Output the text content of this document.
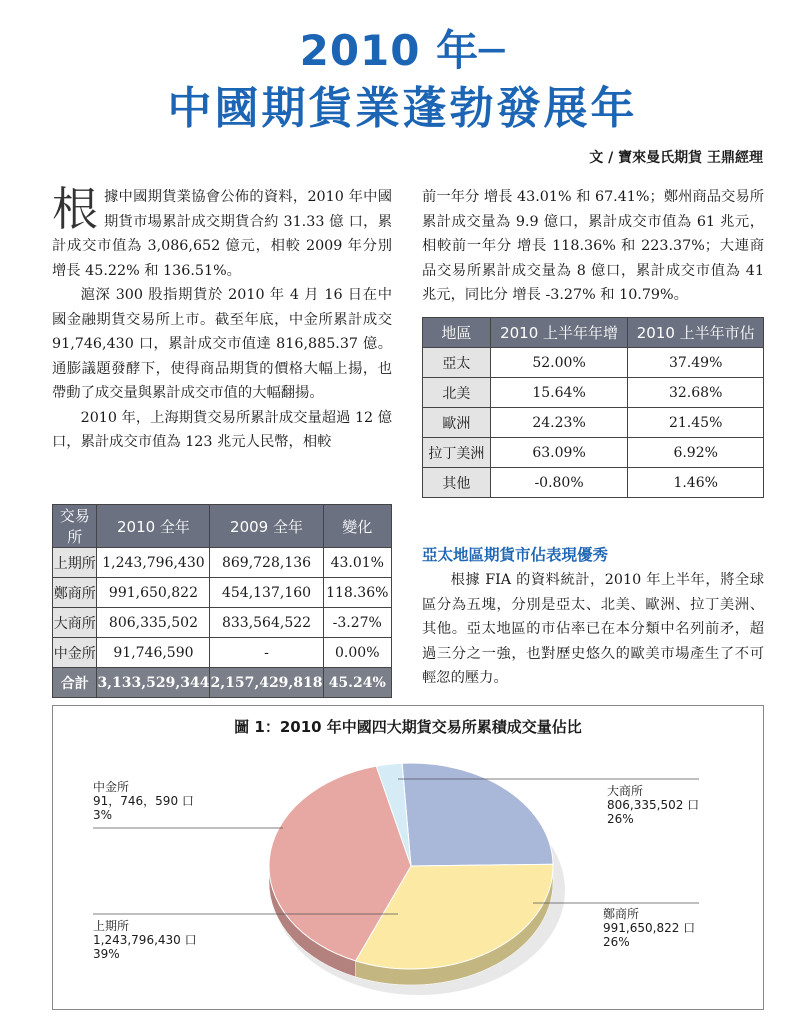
2010 年─
中國期貨業蓬勃發展年
文 / 寶來曼氏期貨 王鼎經理

根據中國期貨業協會公佈的資料，2010 年中國期貨市場累計成交期貨合約 31.33 億 口，累計成交市值為 3,086,652 億元，相較 2009 年分別增長 45.22% 和 136.51%。

滬深 300 股指期貨於 2010 年 4 月 16 日在中國金融期貨交易所上市。截至年底，中金所累計成交 91,746,430 口，累計成交市值達 816,885.37 億。通膨議題發酵下，使得商品期貨的價格大幅上揚，也帶動了成交量與累計成交市值的大幅翻揚。

2010 年，上海期貨交易所累計成交量超過 12 億口，累計成交市值為 123 兆元人民幣，相較

前一年分 增長 43.01% 和 67.41%；鄭州商品交易所累計成交量為 9.9 億口，累計成交市值為 61 兆元，相較前一年分 增長 118.36% 和 223.37%；大連商品交易所累計成交量為 8 億口，累計成交市值為 41 兆元，同比分 增長 -3.27% 和 10.79%。

交易所	2010 全年	2009 全年	變化
上期所	1,243,796,430	869,728,136	43.01%
鄭商所	991,650,822	454,137,160	118.36%
大商所	806,335,502	833,564,522	-3.27%
中金所	91,746,590	-	0.00%
合計	3,133,529,344	2,157,429,818	45.24%
地區	2010 上半年年增	2010 上半年市佔
亞太	52.00%	37.49%
北美	15.64%	32.68%
歐洲	24.23%	21.45%
拉丁美洲	63.09%	6.92%
其他	-0.80%	1.46%
亞太地區期貨市佔表現優秀
根據 FIA 的資料統計，2010 年上半年，將全球區分為五塊，分別是亞太、北美、歐洲、拉丁美洲、其他。亞太地區的市佔率已在本分類中名列前矛，超過三分之一強，也對歷史悠久的歐美市場產生了不可輕忽的壓力。
圖 1：2010 年中國四大期貨交易所累積成交量佔比
中金所
91，746，590 口
3%
大商所
806,335,502 口
26%
上期所
1,243,796,430 口
39%
鄭商所
991,650,822 口
26%
